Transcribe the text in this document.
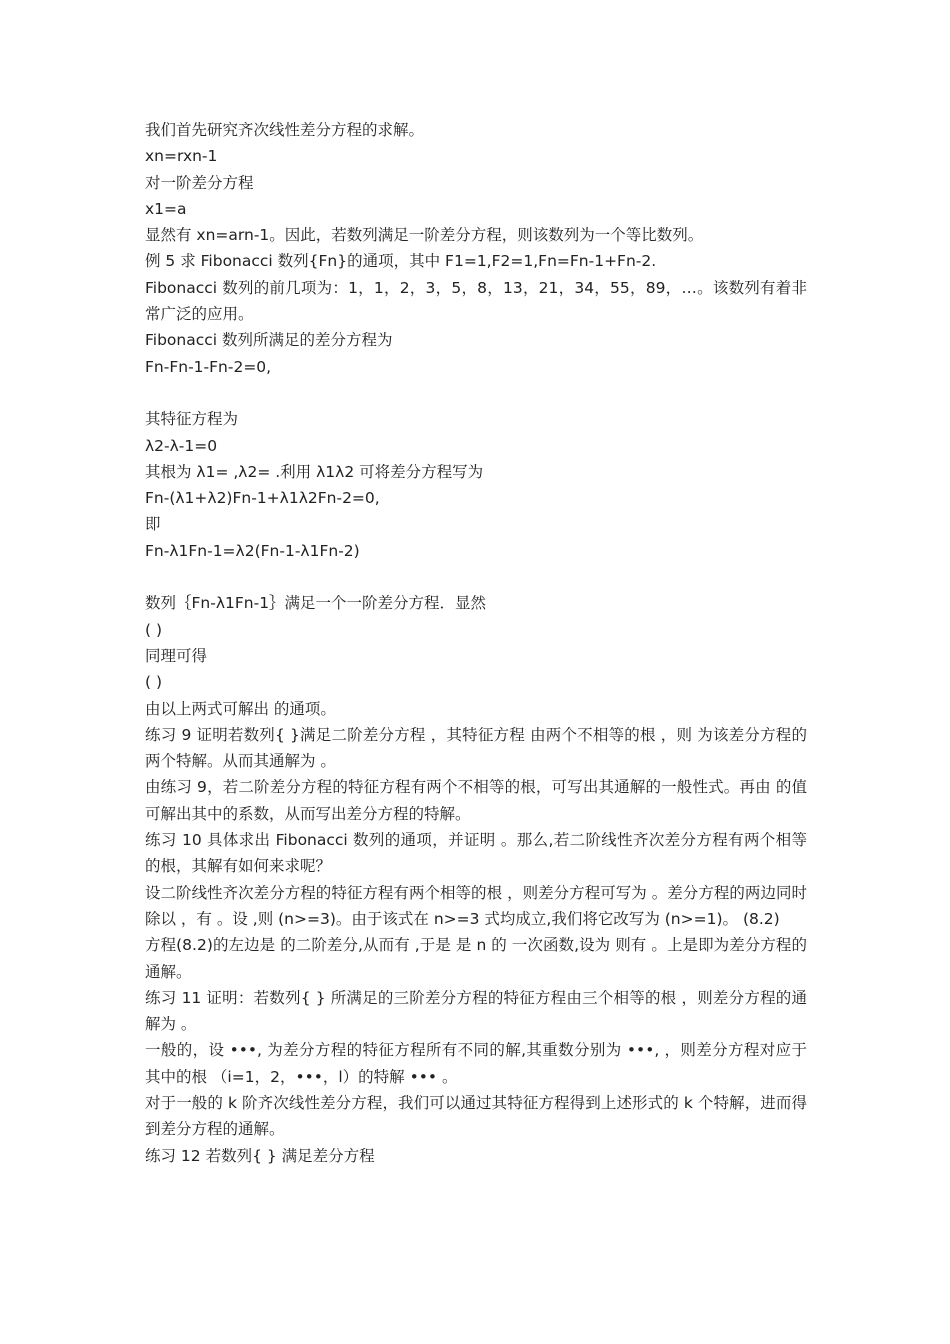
我们首先研究齐次线性差分方程的求解。

xn=rxn-1

对一阶差分方程

x1=a

显然有 xn=arn-1。因此，若数列满足一阶差分方程，则该数列为一个等比数列。

例 5 求 Fibonacci 数列{Fn}的通项，其中 F1=1,F2=1,Fn=Fn-1+Fn-2.

Fibonacci 数列的前几项为：1，1，2，3，5，8，13，21，34，55，89，…。该数列有着非常广泛的应用。

Fibonacci 数列所满足的差分方程为

Fn-Fn-1-Fn-2=0,

其特征方程为

λ2-λ-1=0

其根为 λ1= ,λ2= .利用 λ1λ2 可将差分方程写为

Fn-(λ1+λ2)Fn-1+λ1λ2Fn-2=0,

即

Fn-λ1Fn-1=λ2(Fn-1-λ1Fn-2)

数列｛Fn-λ1Fn-1｝满足一个一阶差分方程．显然

( )

同理可得

( )

由以上两式可解出 的通项。

练习 9 证明若数列{ }满足二阶差分方程 ，其特征方程 由两个不相等的根 ，则 为该差分方程的两个特解。从而其通解为 。

由练习 9，若二阶差分方程的特征方程有两个不相等的根，可写出其通解的一般性式。再由 的值可解出其中的系数，从而写出差分方程的特解。

练习 10 具体求出 Fibonacci 数列的通项，并证明 。那么,若二阶线性齐次差分方程有两个相等的根，其解有如何来求呢？

设二阶线性齐次差分方程的特征方程有两个相等的根 ，则差分方程可写为 。差分方程的两边同时除以 ，有 。设 ,则 (n>=3)。由于该式在 n>=3 式均成立,我们将它改写为 (n>=1)。 (8.2)

方程(8.2)的左边是 的二阶差分,从而有 ,于是 是 n 的 一次函数,设为 则有 。上是即为差分方程的通解。

练习 11 证明：若数列{ } 所满足的三阶差分方程的特征方程由三个相等的根 ，则差分方程的通解为 。

一般的，设 •••, 为差分方程的特征方程所有不同的解,其重数分别为 •••, ，则差分方程对应于其中的根 （i=1，2，•••，l）的特解 ••• 。

对于一般的 k 阶齐次线性差分方程，我们可以通过其特征方程得到上述形式的 k 个特解，进而得到差分方程的通解。

练习 12 若数列{ } 满足差分方程
